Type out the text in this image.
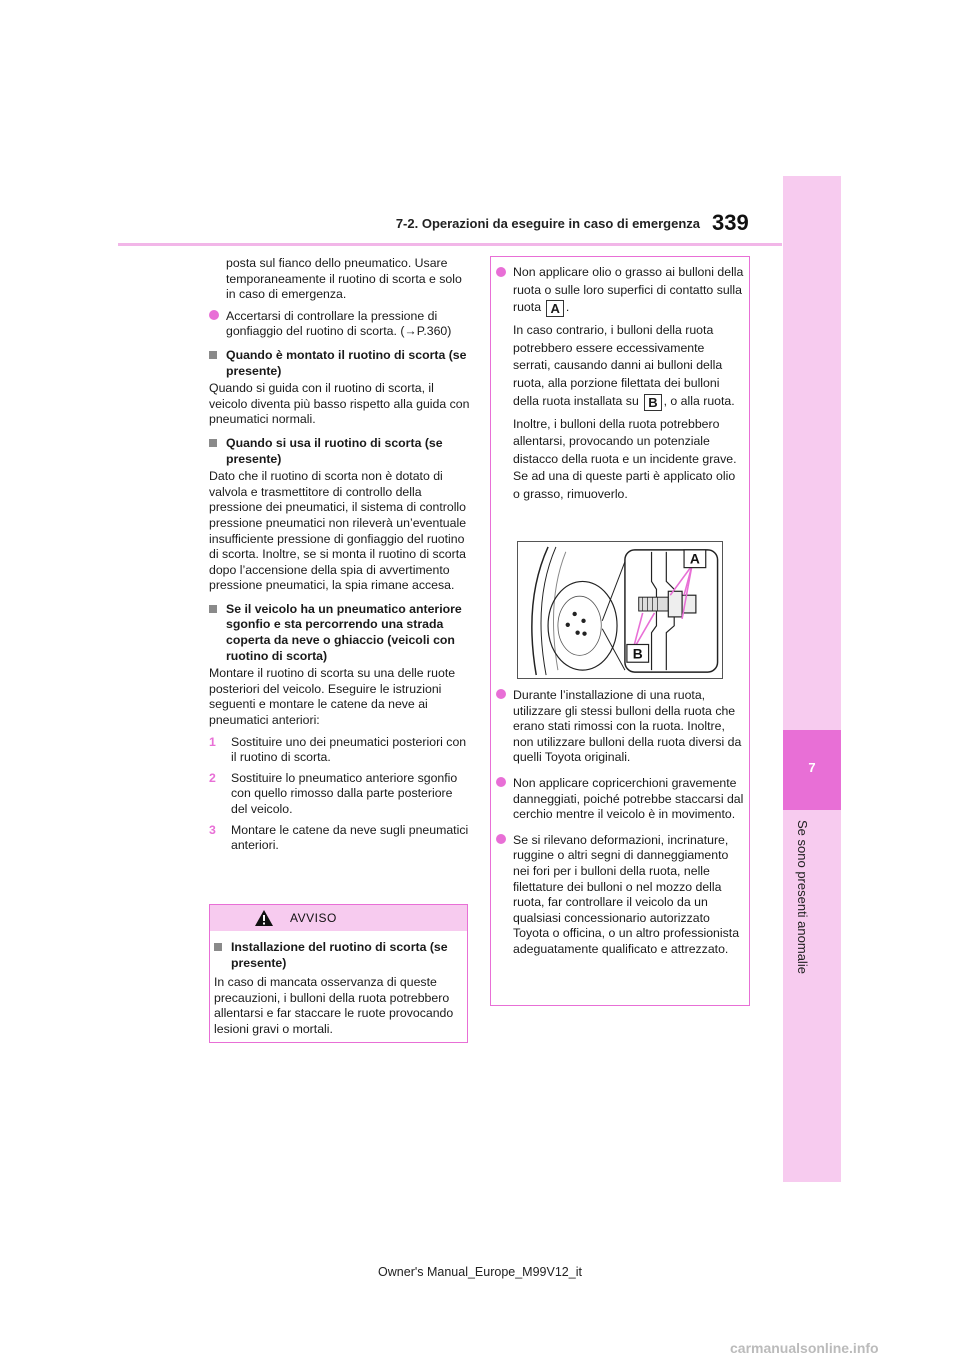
7-2. Operazioni da eseguire in caso di emergenza 339
7
Se sono presenti anomalie

posta sul fianco dello pneumatico. Usare temporaneamente il ruotino di scorta e solo in caso di emergenza.

Accertarsi di controllare la pressione di gonfiaggio del ruotino di scorta. (→P.360)
Quando è montato il ruotino di scorta (se presente)

Quando si guida con il ruotino di scorta, il veicolo diventa più basso rispetto alla guida con pneumatici normali.

Quando si usa il ruotino di scorta (se presente)

Dato che il ruotino di scorta non è dotato di valvola e trasmettitore di controllo della pressione dei pneumatici, il sistema di controllo pressione pneumatici non rileverà un’eventuale insufficiente pressione di gonfiaggio del ruotino di scorta. Inoltre, se si monta il ruotino di scorta dopo l’accensione della spia di avvertimento pressione pneumatici, la spia rimane accesa.

Se il veicolo ha un pneumatico anteriore sgonfio e sta percorrendo una strada coperta da neve o ghiaccio (veicoli con ruotino di scorta)

Montare il ruotino di scorta su una delle ruote posteriori del veicolo. Eseguire le istruzioni seguenti e montare le catene da neve ai pneumatici anteriori:

1 Sostituire uno dei pneumatici posteriori con il ruotino di scorta.
2 Sostituire lo pneumatico anteriore sgonfio con quello rimosso dalla parte posteriore del veicolo.
3 Montare le catene da neve sugli pneumatici anteriori.
AVVISO
Installazione del ruotino di scorta (se presente)

In caso di mancata osservanza di queste precauzioni, i bulloni della ruota potrebbero allentarsi e far staccare le ruote provocando lesioni gravi o mortali.

Non applicare olio o grasso ai bulloni della ruota o sulle loro superfici di contatto sulla ruota A .

In caso contrario, i bulloni della ruota potrebbero essere eccessivamente serrati, causando danni ai bulloni della ruota, alla porzione filettata dei bulloni della ruota installata su B , o alla ruota.

Inoltre, i bulloni della ruota potrebbero allentarsi, provocando un potenziale distacco della ruota e un incidente grave.

Se ad una di queste parti è applicato olio o grasso, rimuoverlo.

A
B
Durante l’installazione di una ruota, utilizzare gli stessi bulloni della ruota che erano stati rimossi con la ruota. Inoltre, non utilizzare bulloni della ruota diversi da quelli Toyota originali.
Non applicare copricerchioni gravemente danneggiati, poiché potrebbe staccarsi dal cerchio mentre il veicolo è in movimento.
Se si rilevano deformazioni, incrinature, ruggine o altri segni di danneggiamento nei fori per i bulloni della ruota, nelle filettature dei bulloni o nel mozzo della ruota, far controllare il veicolo da un qualsiasi concessionario autorizzato Toyota o officina, o un altro professionista adeguatamente qualificato e attrezzato.
Owner's Manual_Europe_M99V12_it
carmanualsonline.info
